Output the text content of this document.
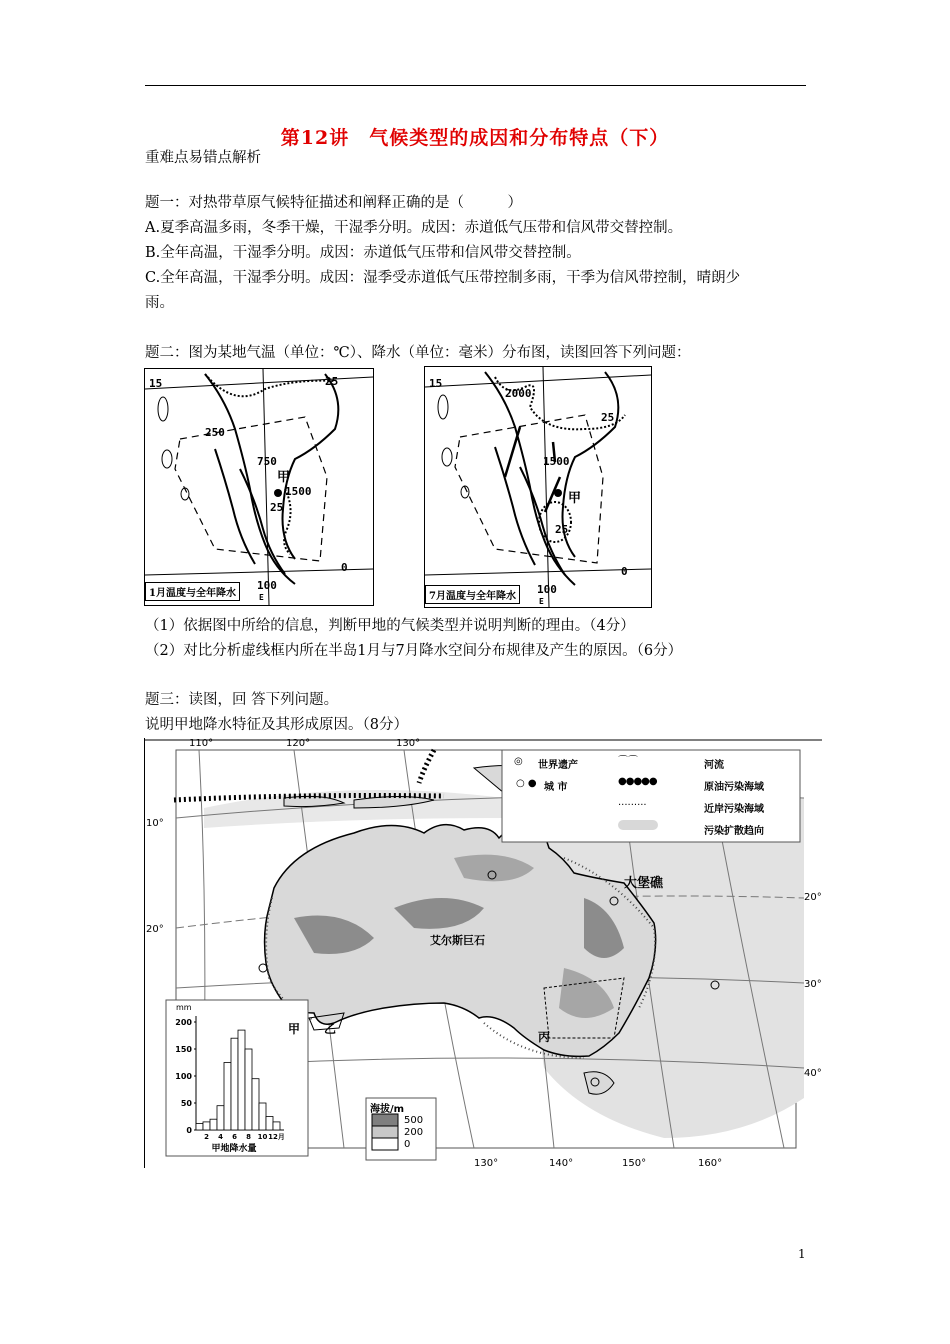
第12讲　气候类型的成因和分布特点（下）
重难点易错点解析
题一：对热带草原气候特征描述和阐释正确的是（　　　）
A.夏季高温多雨，冬季干燥，干湿季分明。成因：赤道低气压带和信风带交替控制。
B.全年高温，干湿季分明。成因：赤道低气压带和信风带交替控制。
C.全年高温，干湿季分明。成因：湿季受赤道低气压带控制多雨，干季为信风带控制，晴朗少
雨。
题二：图为某地气温（单位：℃）、降水（单位：毫米）分布图，读图回答下列问题：
15	25
250
750
甲
1500
25
0
100
E
1月温度与全年降水
15
2000
25
1500
甲
25
0
100
E
7月温度与全年降水
（1）依据图中所给的信息，判断甲地的气候类型并说明判断的理由。（4分）
（2）对比分析虚线框内所在半岛1月与7月降水空间分布规律及产生的原因。（6分）
题三：读图，回 答下列问题。
说明甲地降水特征及其形成原因。（8分）
◎ 世界遗产
○ ● 城 市
⌒⌒	河流
●●●●●
原油污染海域
·········	近岸污染海域
污染扩散趋向
110°	120°	130°
10°
20°
20°
30°
40°
130°	140°	150°	160°
大堡礁
艾尔斯巨石
甲 乙
丙
海拔/m
500
200
0
mm
200
150
100
50
0
2 4 6 8 10 12月
甲地降水量
1
